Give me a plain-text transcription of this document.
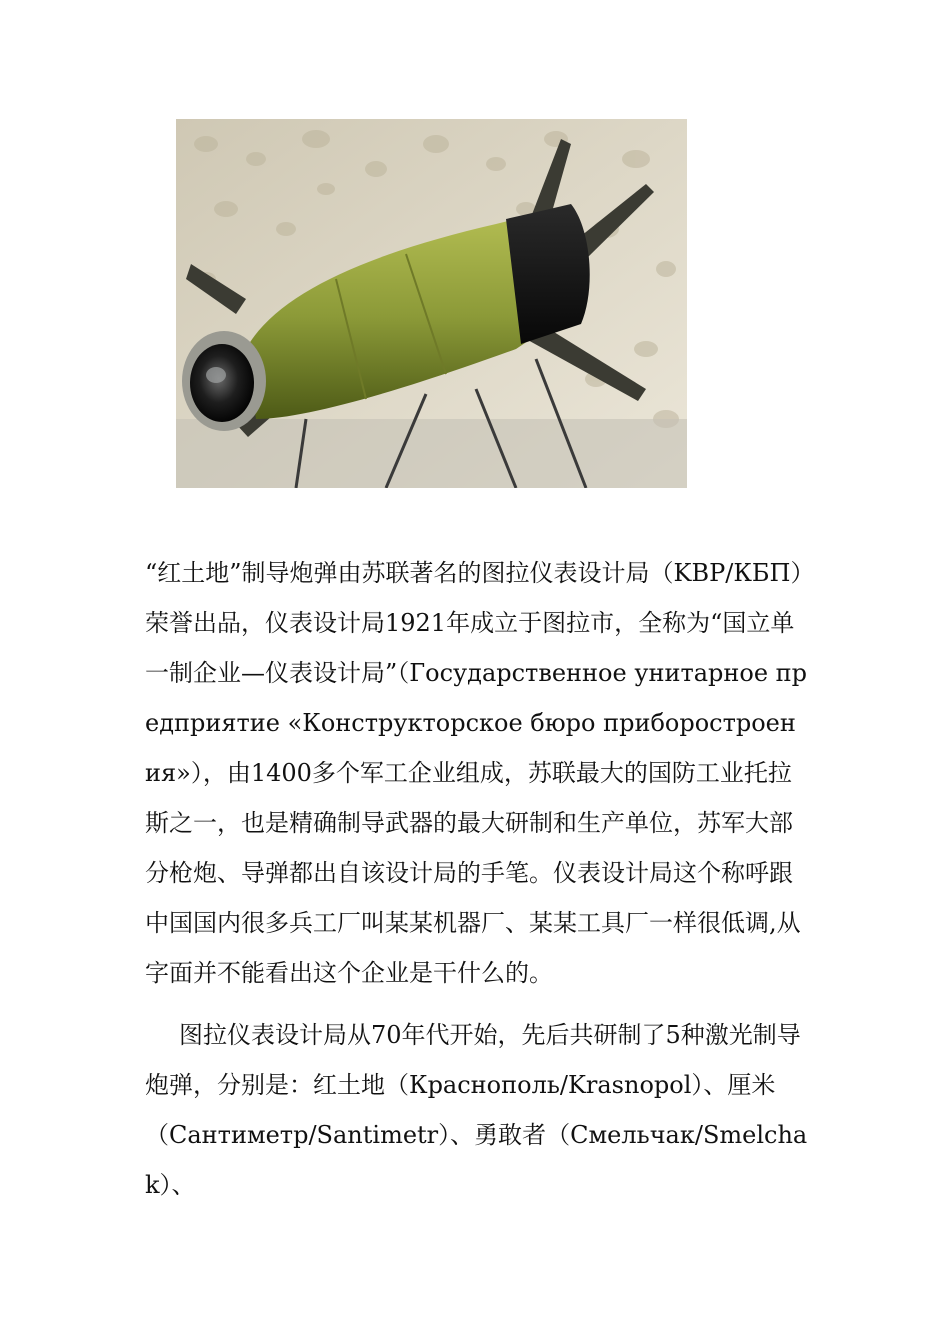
“红土地”制导炮弹由苏联著名的图拉仪表设计局（KBP/КБП）荣誉出品，仪表设计局1921年成立于图拉市，全称为“国立单一制企业—仪表设计局”（Государственное унитарное предприятие «Конструкторское бюро приборостроения»），由1400多个军工企业组成，苏联最大的国防工业托拉斯之一，也是精确制导武器的最大研制和生产单位，苏军大部分枪炮、导弹都出自该设计局的手笔。仪表设计局这个称呼跟中国国内很多兵工厂叫某某机器厂、某某工具厂一样很低调,从字面并不能看出这个企业是干什么的。

图拉仪表设计局从70年代开始，先后共研制了5种激光制导炮弹，分别是：红土地（Краснополь/Krasnopol）、厘米（Сантиметр/Santimetr）、勇敢者（Смельчак/Smelchak）、
